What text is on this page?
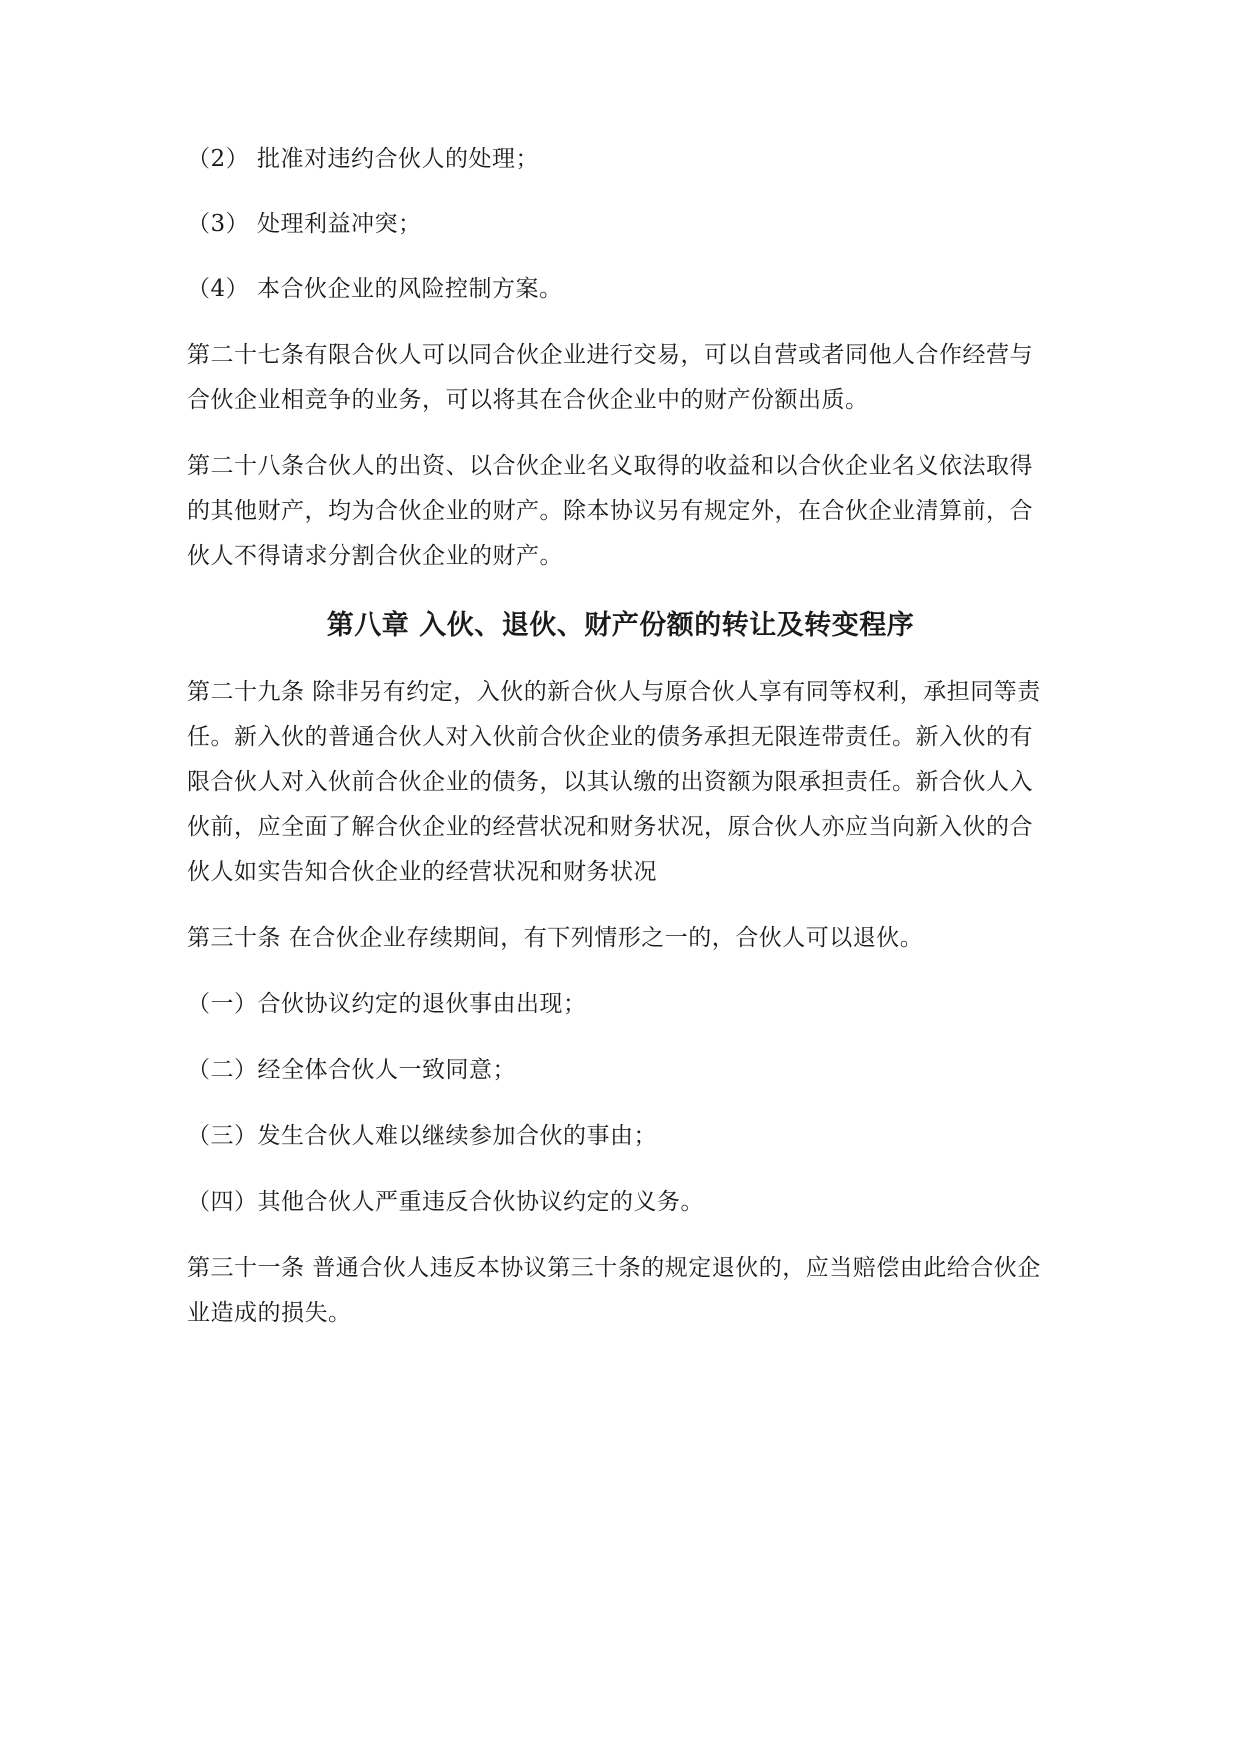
（2） 批准对违约合伙人的处理；
（3） 处理利益冲突；
（4） 本合伙企业的风险控制方案。
第二十七条有限合伙人可以同合伙企业进行交易，可以自营或者同他人合作经营与
合伙企业相竞争的业务，可以将其在合伙企业中的财产份额出质。
第二十八条合伙人的出资、以合伙企业名义取得的收益和以合伙企业名义依法取得
的其他财产，均为合伙企业的财产。除本协议另有规定外，在合伙企业清算前，合
伙人不得请求分割合伙企业的财产。
第八章 入伙、退伙、财产份额的转让及转变程序
第二十九条 除非另有约定，入伙的新合伙人与原合伙人享有同等权利，承担同等责
任。新入伙的普通合伙人对入伙前合伙企业的债务承担无限连带责任。新入伙的有
限合伙人对入伙前合伙企业的债务，以其认缴的出资额为限承担责任。新合伙人入
伙前，应全面了解合伙企业的经营状况和财务状况，原合伙人亦应当向新入伙的合
伙人如实告知合伙企业的经营状况和财务状况
第三十条 在合伙企业存续期间，有下列情形之一的，合伙人可以退伙。
（一）合伙协议约定的退伙事由出现；
（二）经全体合伙人一致同意；
（三）发生合伙人难以继续参加合伙的事由；
（四）其他合伙人严重违反合伙协议约定的义务。
第三十一条 普通合伙人违反本协议第三十条的规定退伙的，应当赔偿由此给合伙企
业造成的损失。
